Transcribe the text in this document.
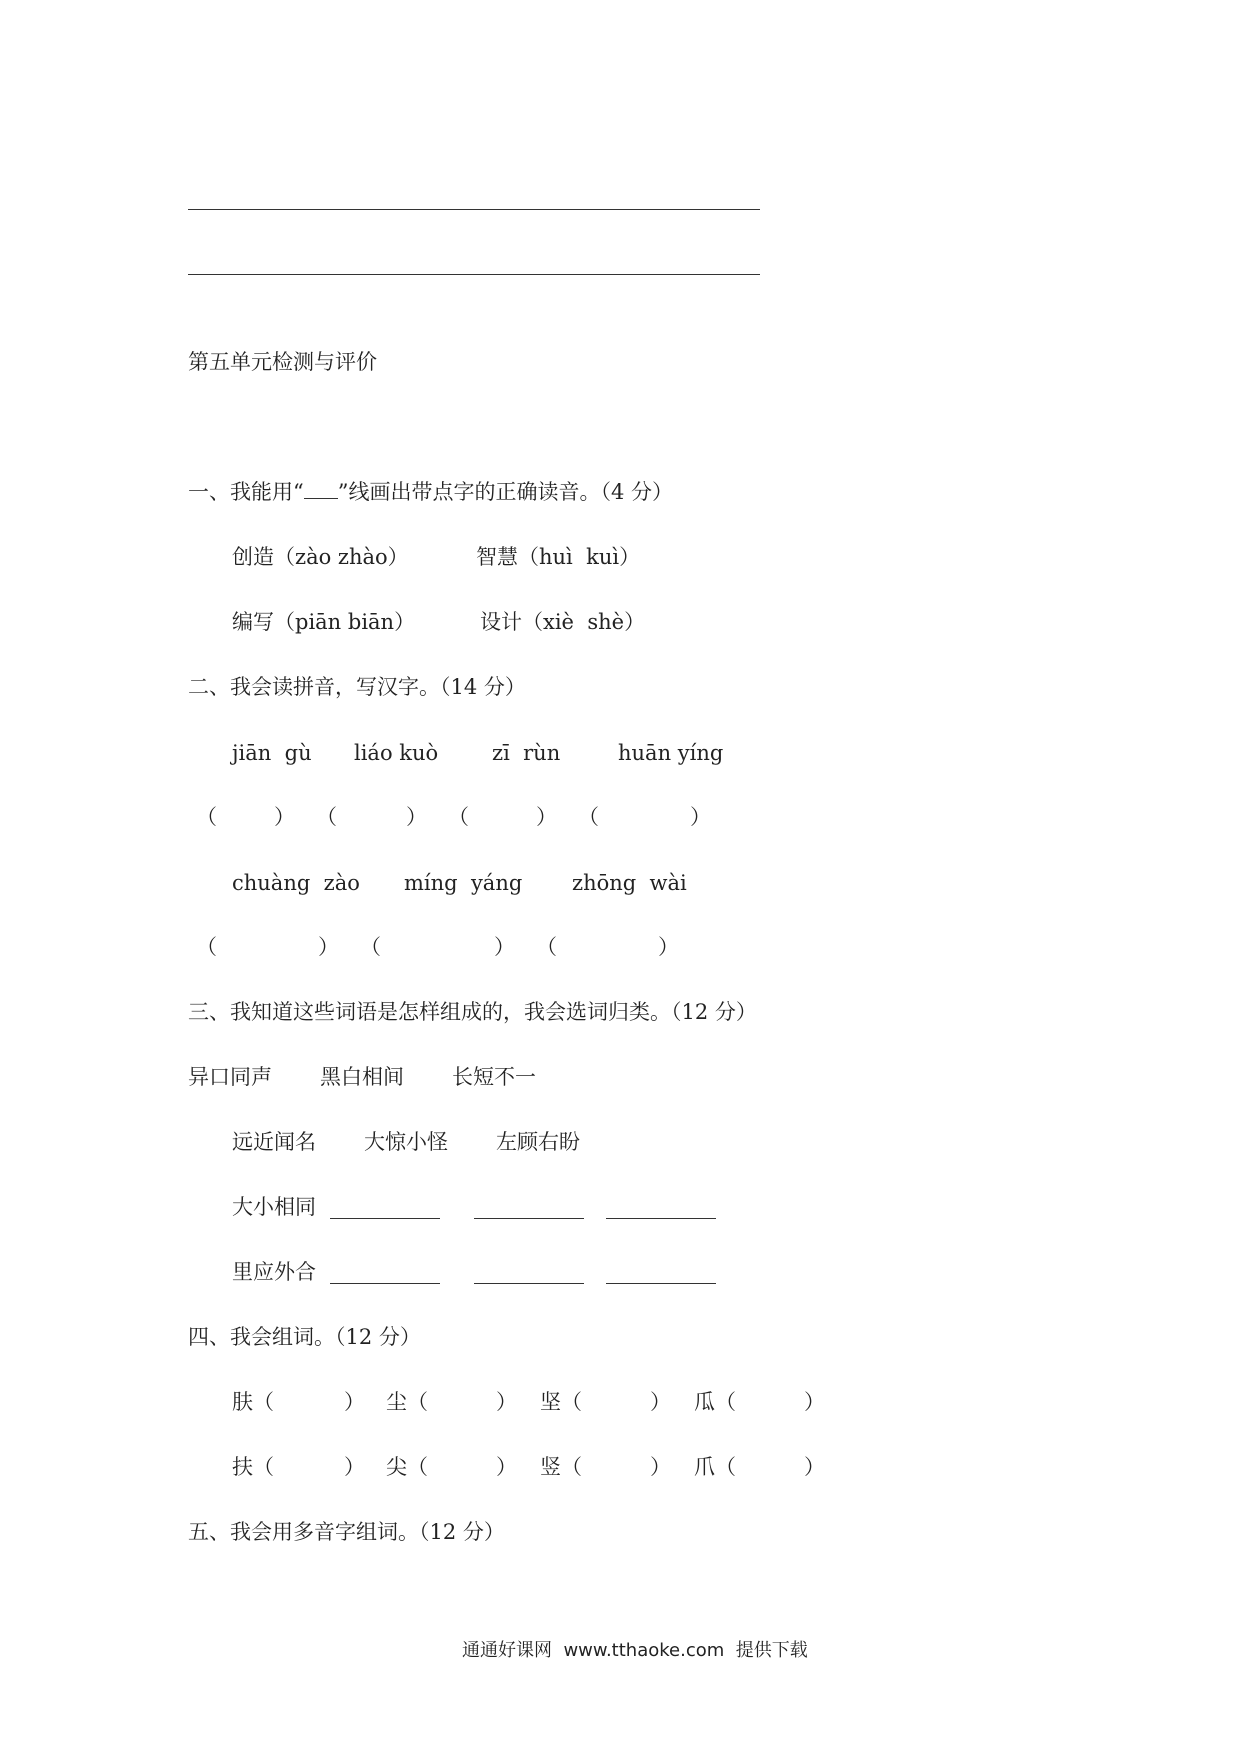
第五单元检测与评价
一、我能用“ ”线画出带点字的正确读音。（4 分）
创造（zào zhào）	智慧（huì  kuì）
编写（piān biān）	设计（xiè  shè）
二、我会读拼音，写汉字。（14 分）
jiān  gù liáo kuò	zī  rùn	huān yíng
（	） （	） （	） （	）
chuàng  zào míng  yáng zhōng  wài
（	） （	） （	）
三、我知道这些词语是怎样组成的，我会选词归类。（12 分）
异口同声 黑白相间 长短不一
远近闻名 大惊小怪 左顾右盼
大小相同
里应外合
四、我会组词。（12 分）
肤（	） 尘（	） 坚（	） 瓜（	）
扶（	） 尖（	） 竖（	） 爪（	）
五、我会用多音字组词。（12 分）
通通好课网  www.tthaoke.com  提供下载
